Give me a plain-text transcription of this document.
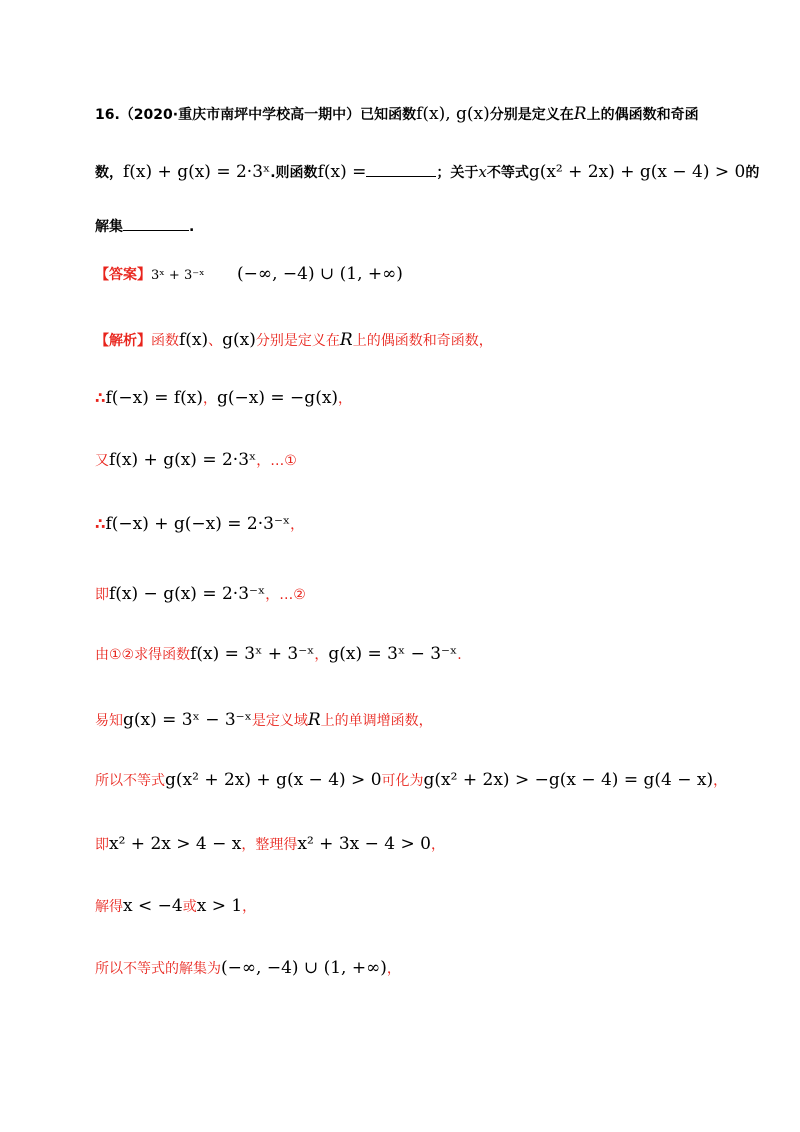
16.（2020·重庆市南坪中学校高一期中）已知函数f(x), g(x)分别是定义在R上的偶函数和奇函
数，f(x) + g(x) = 2·3ˣ.则函数f(x) =	；关于x不等式g(x² + 2x) + g(x − 4) > 0的
解集	.
【答案】3ˣ + 3⁻ˣ (−∞, −4) ∪ (1, +∞)
【解析】函数f(x)、g(x)分别是定义在R上的偶函数和奇函数，
∴f(−x) = f(x)，g(−x) = −g(x)，
又f(x) + g(x) = 2·3ˣ，…①
∴f(−x) + g(−x) = 2·3⁻ˣ，
即f(x) − g(x) = 2·3⁻ˣ，…②
由①②求得函数f(x) = 3ˣ + 3⁻ˣ，g(x) = 3ˣ − 3⁻ˣ.
易知g(x) = 3ˣ − 3⁻ˣ是定义域R上的单调增函数，
所以不等式g(x² + 2x) + g(x − 4) > 0可化为g(x² + 2x) > −g(x − 4) = g(4 − x)，
即x² + 2x > 4 − x，整理得x² + 3x − 4 > 0，
解得x < −4或x > 1，
所以不等式的解集为(−∞, −4) ∪ (1, +∞)，
